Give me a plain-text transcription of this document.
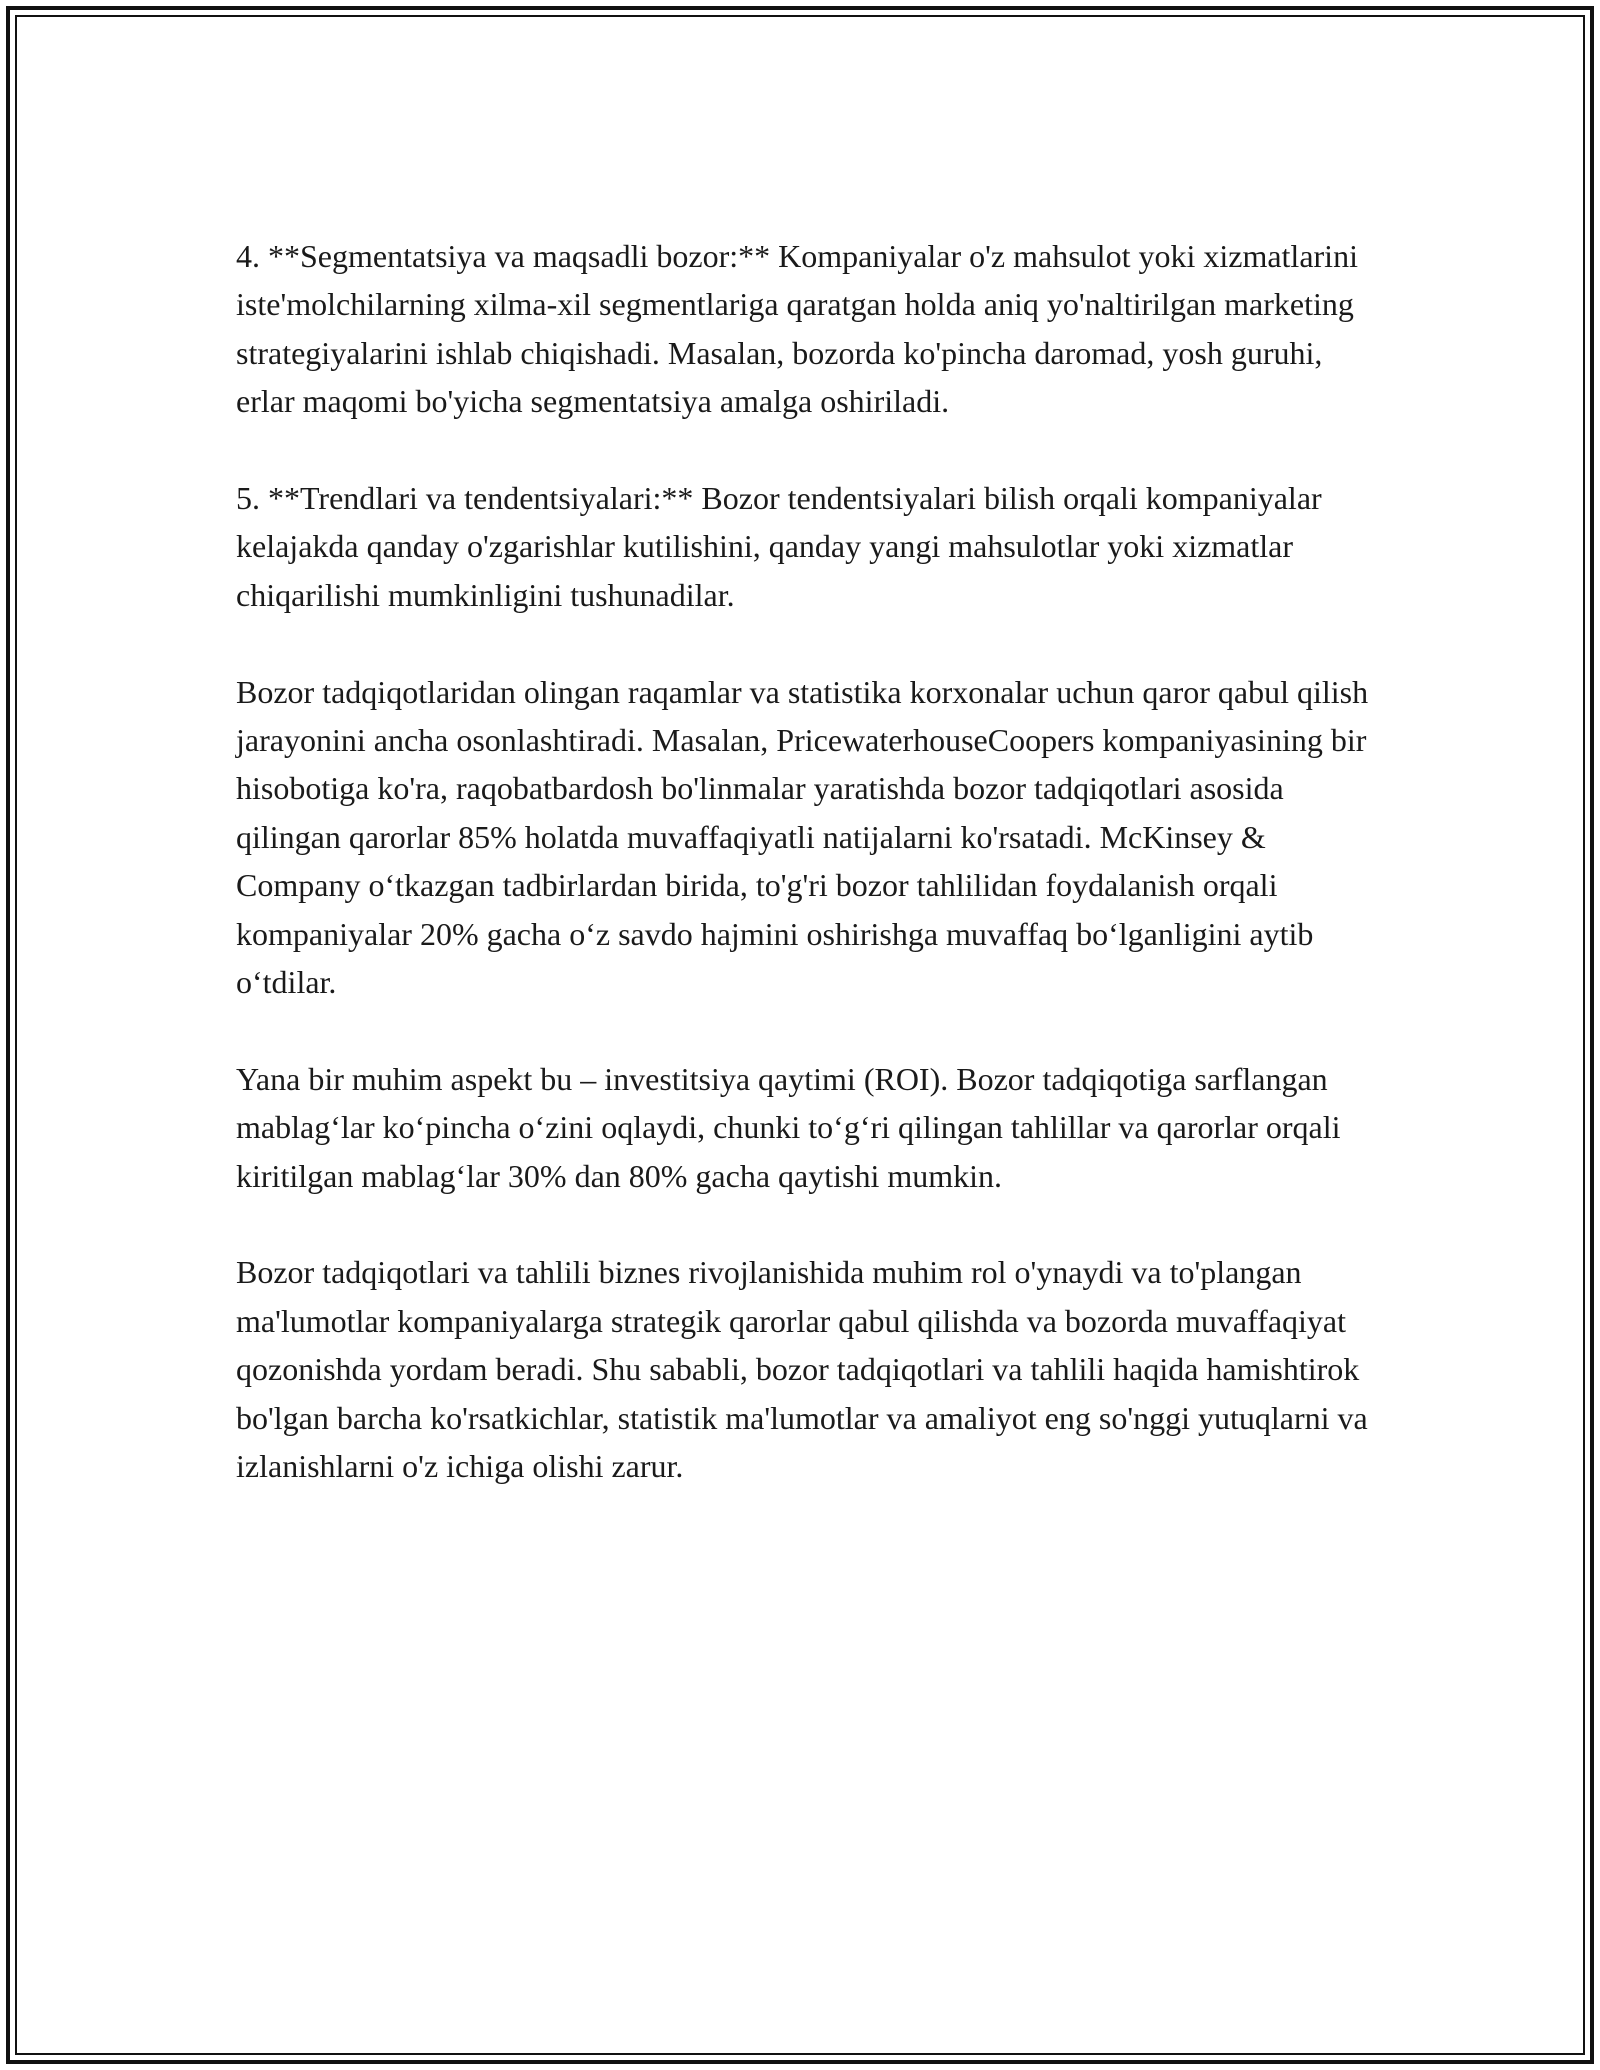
4. **Segmentatsiya va maqsadli bozor:** Kompaniyalar o'z mahsulot yoki xizmatlarini iste'molchilarning xilma-xil segmentlariga qaratgan holda aniq yo'naltirilgan marketing strategiyalarini ishlab chiqishadi. Masalan, bozorda ko'pincha daromad, yosh guruhi, erlar maqomi bo'yicha segmentatsiya amalga oshiriladi.

5. **Trendlari va tendentsiyalari:** Bozor tendentsiyalari bilish orqali kompaniyalar kelajakda qanday o'zgarishlar kutilishini, qanday yangi mahsulotlar yoki xizmatlar chiqarilishi mumkinligini tushunadilar.

Bozor tadqiqotlaridan olingan raqamlar va statistika korxonalar uchun qaror qabul qilish jarayonini ancha osonlashtiradi. Masalan, PricewaterhouseCoopers kompaniyasining bir hisobotiga ko'ra, raqobatbardosh bo'linmalar yaratishda bozor tadqiqotlari asosida qilingan qarorlar 85% holatda muvaffaqiyatli natijalarni ko'rsatadi. McKinsey & Company o‘tkazgan tadbirlardan birida, to'g'ri bozor tahlilidan foydalanish orqali kompaniyalar 20% gacha o‘z savdo hajmini oshirishga muvaffaq bo‘lganligini aytib o‘tdilar.

Yana bir muhim aspekt bu – investitsiya qaytimi (ROI). Bozor tadqiqotiga sarflangan mablag‘lar ko‘pincha o‘zini oqlaydi, chunki to‘g‘ri qilingan tahlillar va qarorlar orqali kiritilgan mablag‘lar 30% dan 80% gacha qaytishi mumkin.

Bozor tadqiqotlari va tahlili biznes rivojlanishida muhim rol o'ynaydi va to'plangan ma'lumotlar kompaniyalarga strategik qarorlar qabul qilishda va bozorda muvaffaqiyat qozonishda yordam beradi. Shu sababli, bozor tadqiqotlari va tahlili haqida hamishtirok bo'lgan barcha ko'rsatkichlar, statistik ma'lumotlar va amaliyot eng so'nggi yutuqlarni va izlanishlarni o'z ichiga olishi zarur.
